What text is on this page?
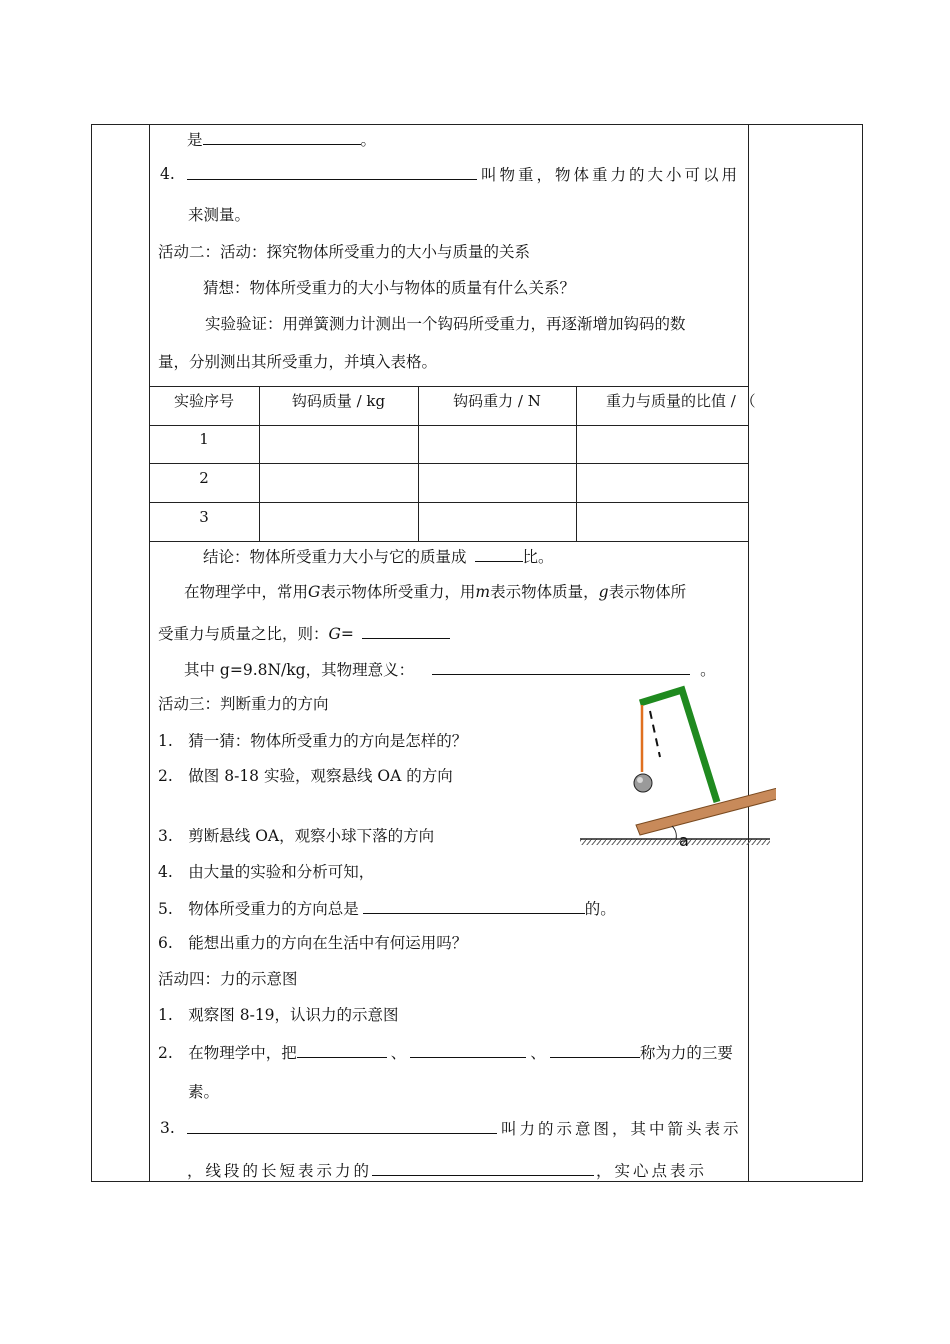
是	。
4.	叫物重，物体重力的大小可以用
来测量。
活动二：活动：探究物体所受重力的大小与质量的关系
猜想：物体所受重力的大小与物体的质量有什么关系？
实验验证：用弹簧测力计测出一个钩码所受重力，再逐渐增加钩码的数
量，分别测出其所受重力，并填入表格。
实验序号	钩码质量 / kg	钩码重力 / N	重力与质量的比值 / （
1
2
3
结论：物体所受重力大小与它的质量成	比。
在物理学中，常用G表示物体所受重力，用m表示物体质量，g表示物体所
受重力与质量之比，则：G=
其中 g=9.8N/kg，其物理意义：	。
活动三：判断重力的方向
1.　猜一猜：物体所受重力的方向是怎样的？
2.　做图 8-18 实验，观察悬线 OA 的方向
3.　剪断悬线 OA，观察小球下落的方向
4.　由大量的实验和分析可知，
5.　物体所受重力的方向总是	的。
6.　能想出重力的方向在生活中有何运用吗？
a
活动四：力的示意图
1.　观察图 8-19，认识力的示意图
2.　在物理学中，把	、	、	称为力的三要
素。
3.	叫力的示意图，其中箭头表示
，线段的长短表示力的	，实心点表示
